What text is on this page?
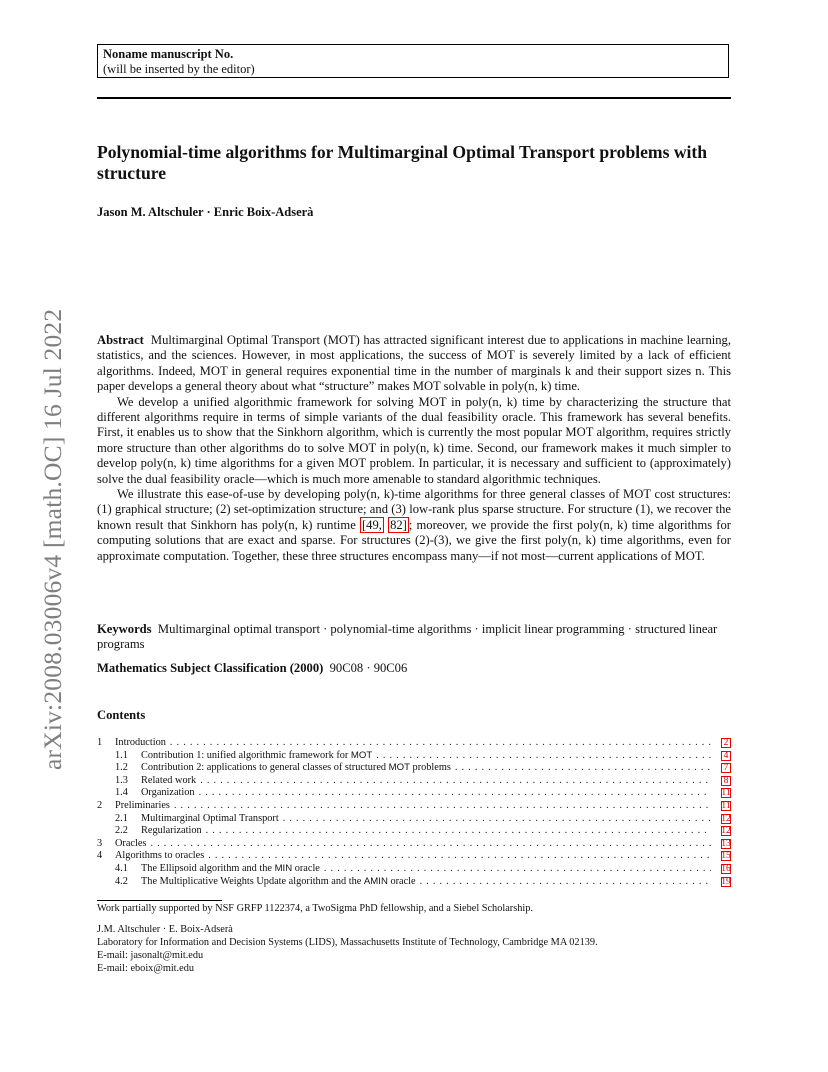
Noname manuscript No.
(will be inserted by the editor)
arXiv:2008.03006v4 [math.OC] 16 Jul 2022
Polynomial-time algorithms for Multimarginal Optimal Transport problems with structure
Jason M. Altschuler · Enric Boix-Adserà

Abstract Multimarginal Optimal Transport (MOT) has attracted significant interest due to applications in machine learning, statistics, and the sciences. However, in most applications, the success of MOT is severely limited by a lack of efficient algorithms. Indeed, MOT in general requires exponential time in the number of marginals k and their support sizes n. This paper develops a general theory about what “structure” makes MOT solvable in poly(n, k) time.

We develop a unified algorithmic framework for solving MOT in poly(n, k) time by characterizing the structure that different algorithms require in terms of simple variants of the dual feasibility oracle. This framework has several benefits. First, it enables us to show that the Sinkhorn algorithm, which is currently the most popular MOT algorithm, requires strictly more structure than other algorithms do to solve MOT in poly(n, k) time. Second, our framework makes it much simpler to develop poly(n, k) time algorithms for a given MOT problem. In particular, it is necessary and sufficient to (approximately) solve the dual feasibility oracle—which is much more amenable to standard algorithmic techniques.

We illustrate this ease-of-use by developing poly(n, k)-time algorithms for three general classes of MOT cost structures: (1) graphical structure; (2) set-optimization structure; and (3) low-rank plus sparse structure. For structure (1), we recover the known result that Sinkhorn has poly(n, k) runtime [49, 82] ; moreover, we provide the first poly(n, k) time algorithms for computing solutions that are exact and sparse. For structures (2)-(3), we give the first poly(n, k) time algorithms, even for approximate computation. Together, these three structures encompass many—if not most—current applications of MOT.

Keywords Multimarginal optimal transport · polynomial-time algorithms · implicit linear programming · structured linear programs
Mathematics Subject Classification (2000) 90C08 · 90C06
Contents
1	Introduction . . .	2
1.1	Contribution 1: unified algorithmic framework for MOT . . .	4
1.2	Contribution 2: applications to general classes of structured MOT problems . . .	7
1.3	Related work . . .	8
1.4	Organization . . .	11
2	Preliminaries . . .	11
2.1	Multimarginal Optimal Transport . . .	12
2.2	Regularization . . .	12
3	Oracles . . .	13
4	Algorithms to oracles . . .	15
4.1	The Ellipsoid algorithm and the MIN oracle . . .	16
4.2	The Multiplicative Weights Update algorithm and the AMIN oracle . . .	19
Work partially supported by NSF GRFP 1122374, a TwoSigma PhD fellowship, and a Siebel Scholarship.
J.M. Altschuler · E. Boix-Adserà
Laboratory for Information and Decision Systems (LIDS), Massachusetts Institute of Technology, Cambridge MA 02139.
E-mail: jasonalt@mit.edu
E-mail: eboix@mit.edu
